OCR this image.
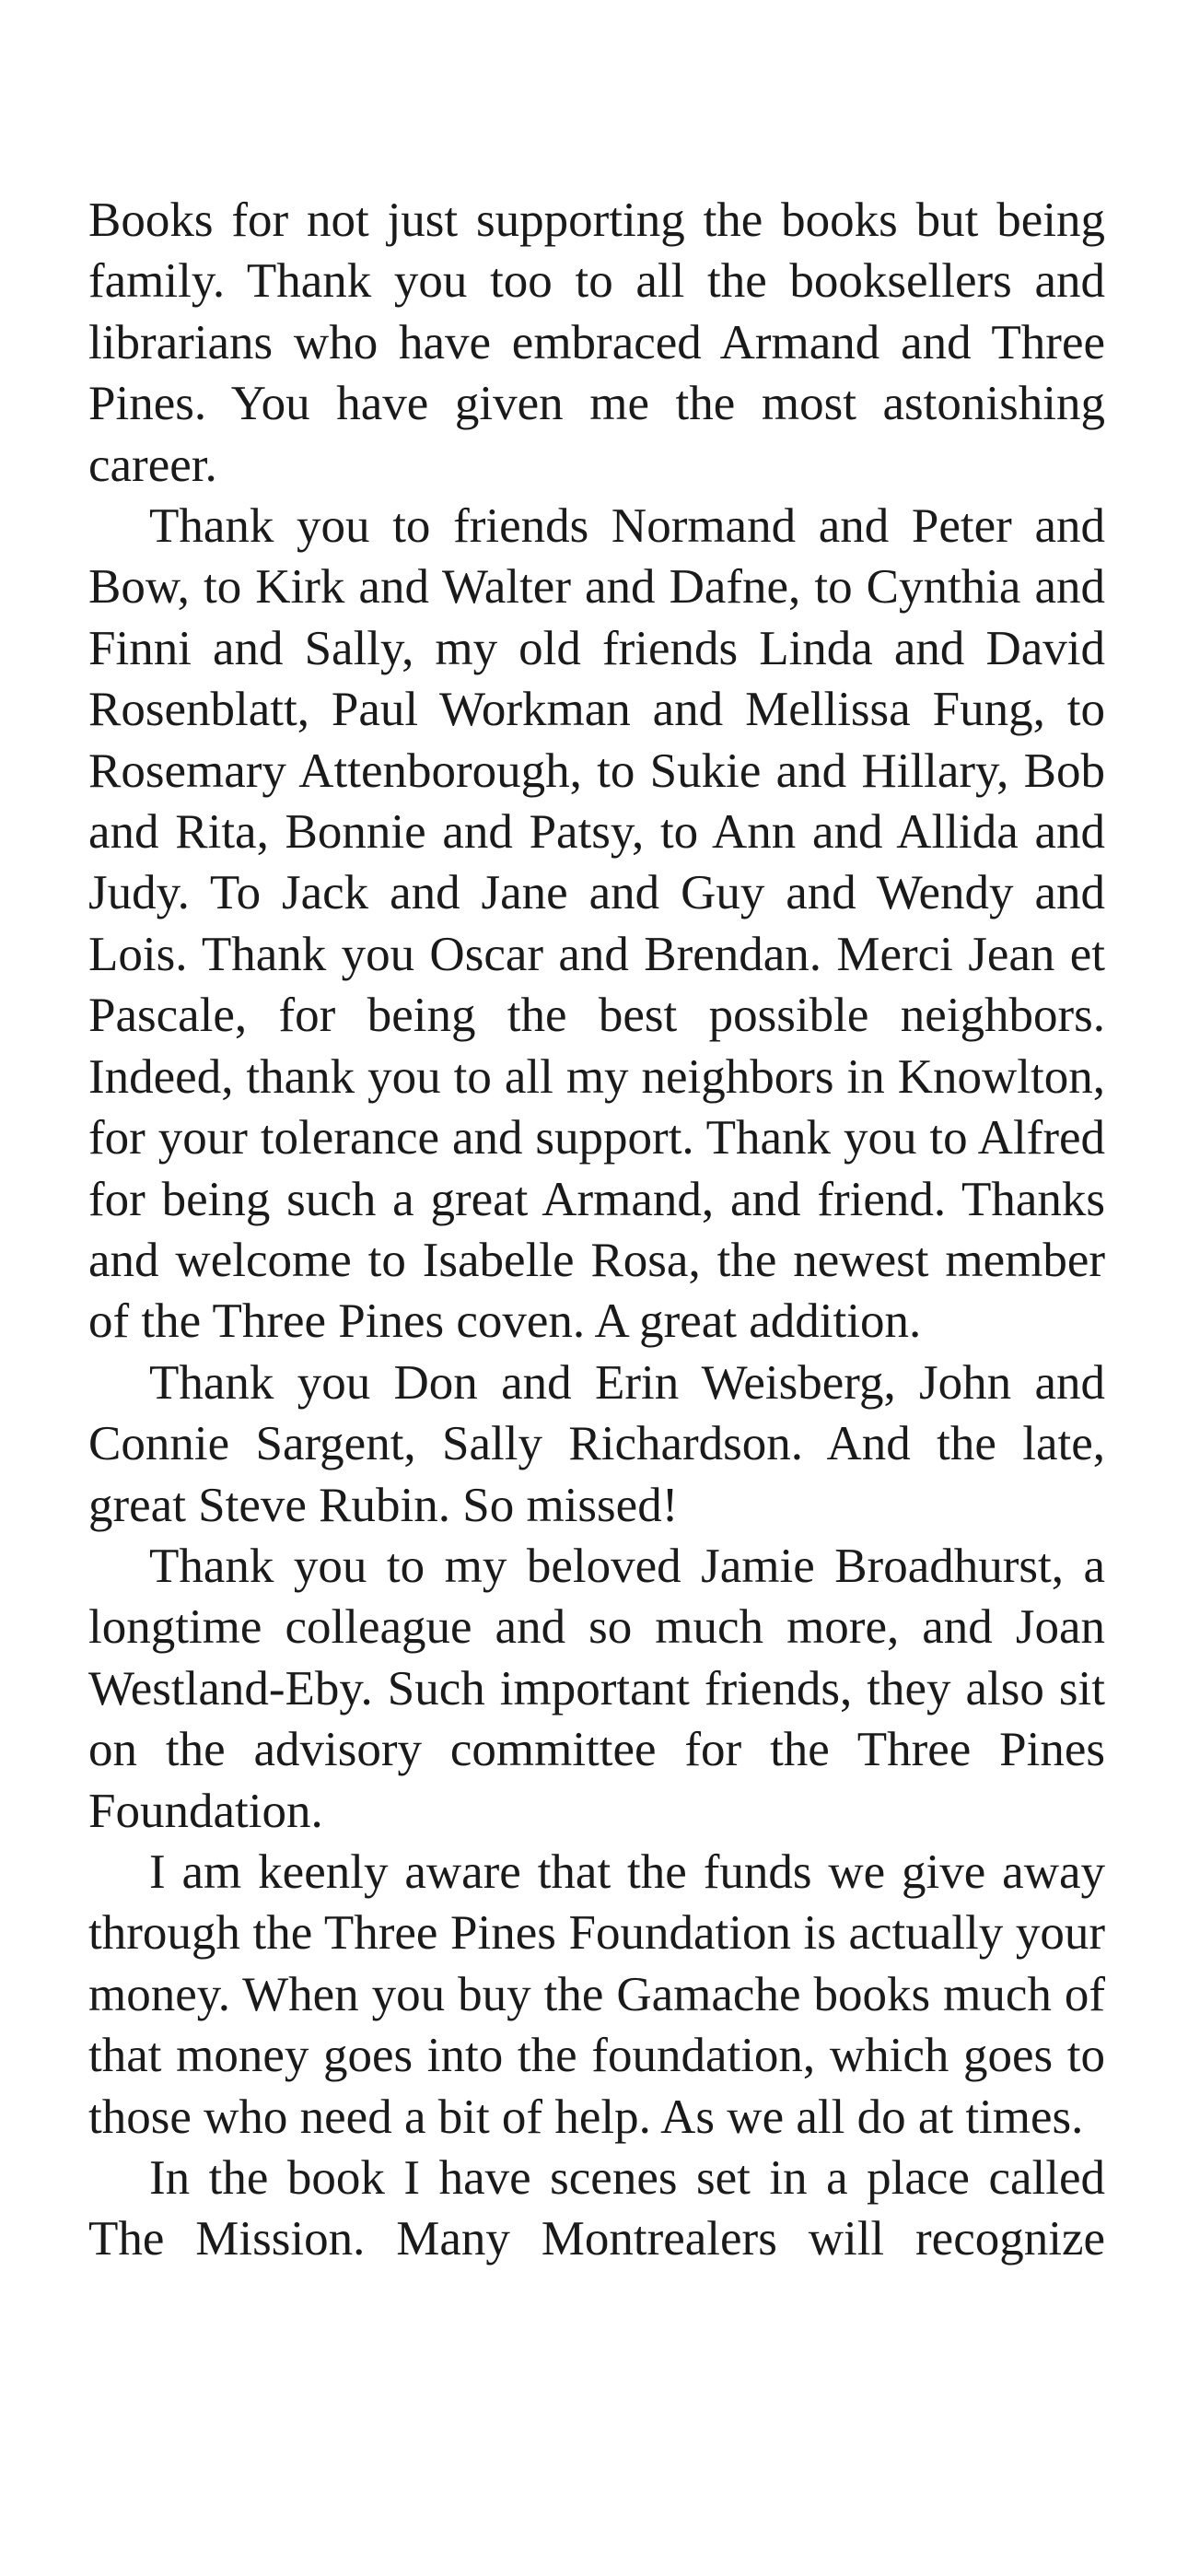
Books for not just supporting the books but being family. Thank you too to all the booksellers and librarians who have embraced Armand and Three Pines. You have given me the most astonishing career.

Thank you to friends Normand and Peter and Bow, to Kirk and Walter and Dafne, to Cynthia and Finni and Sally, my old friends Linda and David Rosenblatt, Paul Workman and Mellissa Fung, to Rosemary Attenborough, to Sukie and Hillary, Bob and Rita, Bonnie and Patsy, to Ann and Allida and Judy. To Jack and Jane and Guy and Wendy and Lois. Thank you Oscar and Brendan. Merci Jean et Pascale, for being the best possible neighbors. Indeed, thank you to all my neighbors in Knowlton, for your tolerance and support. Thank you to Alfred for being such a great Armand, and friend. Thanks and welcome to Isabelle Rosa, the newest member of the Three Pines coven. A great addition.

Thank you Don and Erin Weisberg, John and Connie Sargent, Sally Richardson. And the late, great Steve Rubin. So missed!

Thank you to my beloved Jamie Broadhurst, a longtime colleague and so much more, and Joan Westland-Eby. Such important friends, they also sit on the advisory committee for the Three Pines Foundation.

I am keenly aware that the funds we give away through the Three Pines Foundation is actually your money. When you buy the Gamache books much of that money goes into the foundation, which goes to those who need a bit of help. As we all do at times.

In the book I have scenes set in a place called The Mission. Many Montrealers will recognize
